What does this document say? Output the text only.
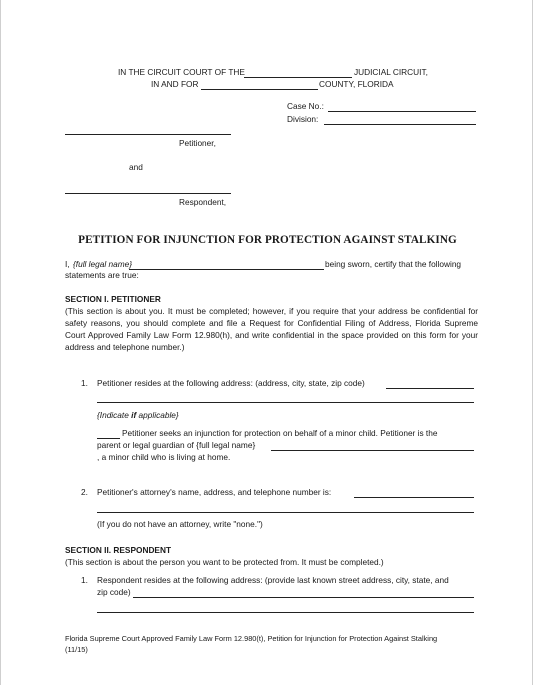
IN THE CIRCUIT COURT OF THE	JUDICIAL CIRCUIT,
IN AND FOR	COUNTY, FLORIDA
Case No.:
Division:
Petitioner,
and
Respondent,
PETITION FOR INJUNCTION FOR PROTECTION AGAINST STALKING
I, {full legal name}	being sworn, certify that the following
statements are true:
SECTION I. PETITIONER
(This section is about you. It must be completed; however, if you require that your address be confidential for safety reasons, you should complete and file a Request for Confidential Filing of Address, Florida Supreme Court Approved Family Law Form 12.980(h), and write confidential in the space provided on this form for your address and telephone number.)
1. Petitioner resides at the following address: (address, city, state, zip code)
{Indicate if applicable}
Petitioner seeks an injunction for protection on behalf of a minor child. Petitioner is the
parent or legal guardian of {full legal name}
, a minor child who is living at home.
2. Petitioner's attorney's name, address, and telephone number is:
(If you do not have an attorney, write "none.")
SECTION II. RESPONDENT
(This section is about the person you want to be protected from. It must be completed.)
1. Respondent resides at the following address: (provide last known street address, city, state, and
zip code)
Florida Supreme Court Approved Family Law Form 12.980(t), Petition for Injunction for Protection Against Stalking
(11/15)
